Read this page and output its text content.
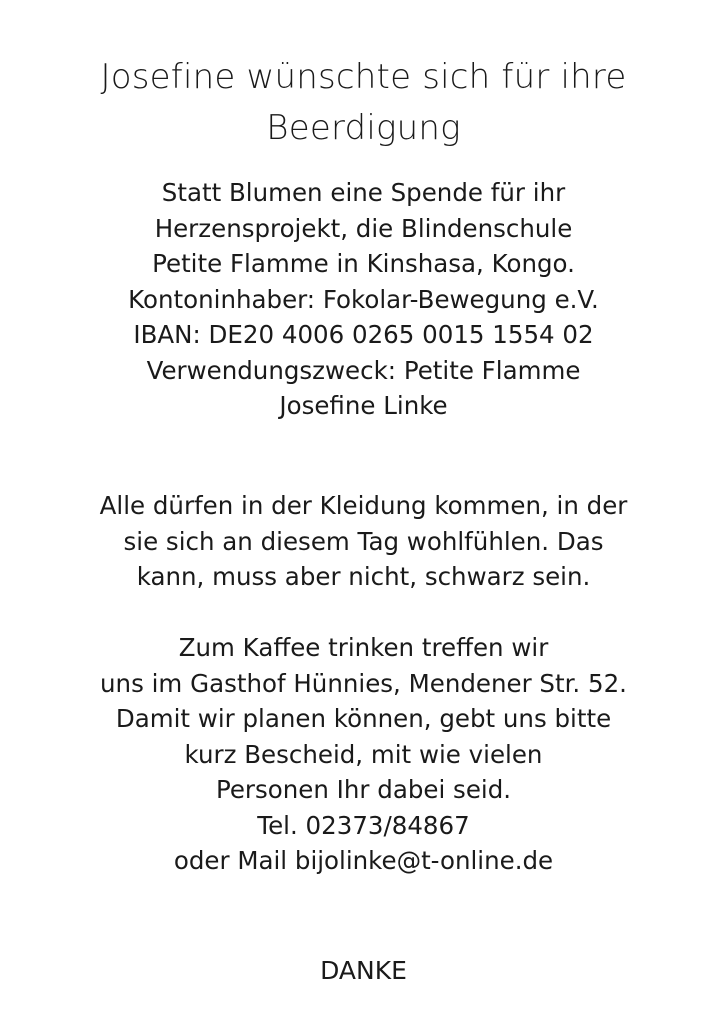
Josefine wünschte sich für ihre
Beerdigung
Statt Blumen eine Spende für ihr
Herzensprojekt, die Blindenschule
Petite Flamme in Kinshasa, Kongo.
Kontoninhaber: Fokolar-Bewegung e.V.
IBAN: DE20 4006 0265 0015 1554 02
Verwendungszweck: Petite Flamme
Josefine Linke
Alle dürfen in der Kleidung kommen, in der
sie sich an diesem Tag wohlfühlen. Das
kann, muss aber nicht, schwarz sein.
Zum Kaffee trinken treffen wir
uns im Gasthof Hünnies, Mendener Str. 52.
Damit wir planen können, gebt uns bitte
kurz Bescheid, mit wie vielen
Personen Ihr dabei seid.
Tel. 02373/84867
oder Mail bijolinke@t-online.de
DANKE
